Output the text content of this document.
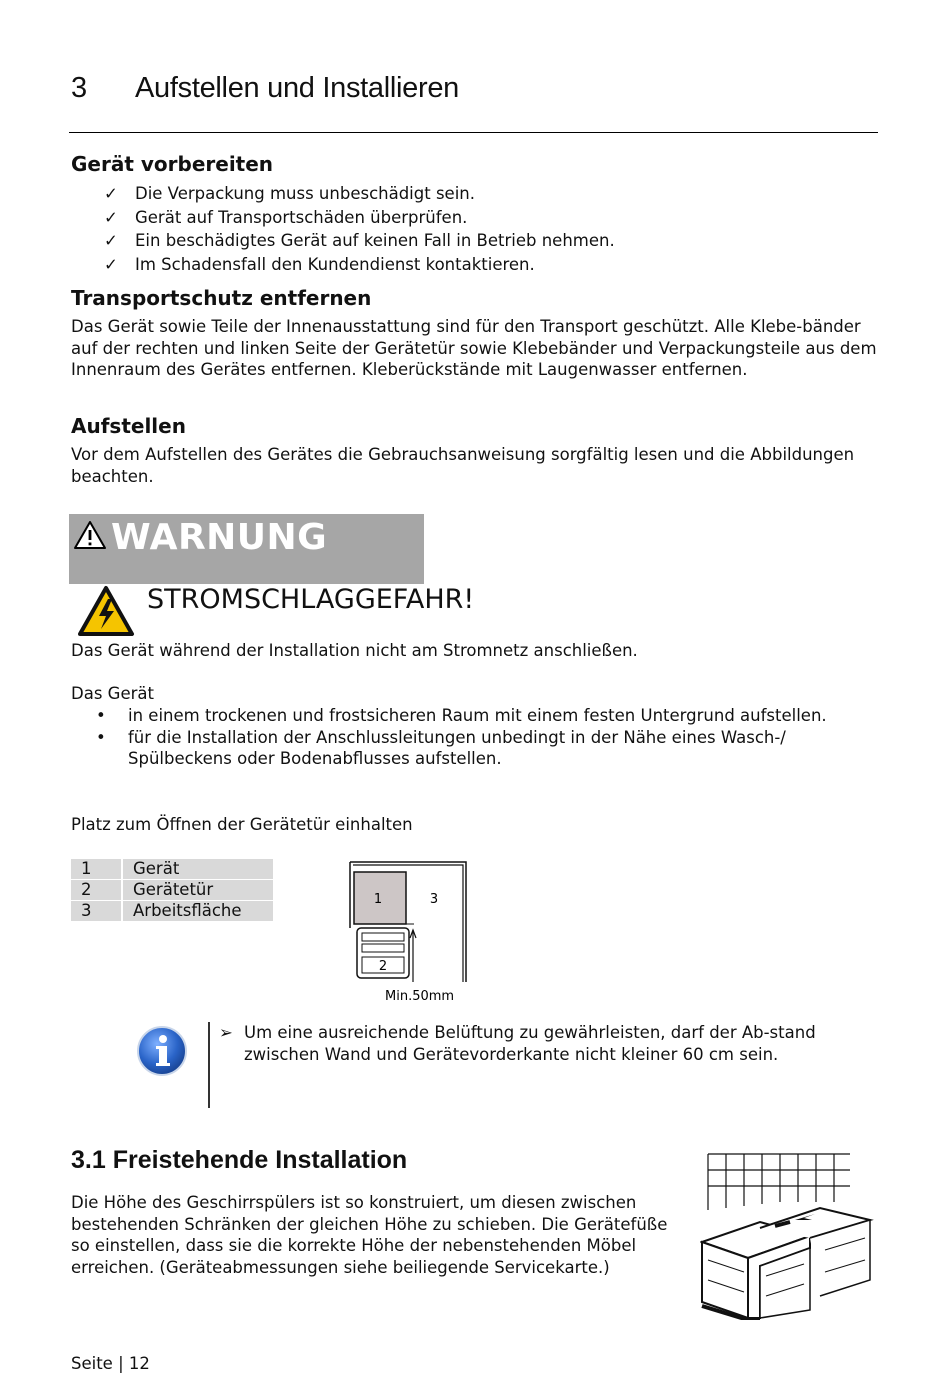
3 Aufstellen und Installieren
Gerät vorbereiten
✓ Die Verpackung muss unbeschädigt sein.
✓ Gerät auf Transportschäden überprüfen.
✓ Ein beschädigtes Gerät auf keinen Fall in Betrieb nehmen.
✓ Im Schadensfall den Kundendienst kontaktieren.
Transportschutz entfernen
Das Gerät sowie Teile der Innenausstattung sind für den Transport geschützt. Alle Klebe-bänder auf der rechten und linken Seite der Gerätetür sowie Klebebänder und Verpackungsteile aus dem Innenraum des Gerätes entfernen. Kleberückstände mit Laugenwasser entfernen.
Aufstellen
Vor dem Aufstellen des Gerätes die Gebrauchsanweisung sorgfältig lesen und die Abbildungen beachten.
WARNUNG
STROMSCHLAGGEFAHR!
Das Gerät während der Installation nicht am Stromnetz anschließen.
Das Gerät
• in einem trockenen und frostsicheren Raum mit einem festen Untergrund aufstellen.
• für die Installation der Anschlussleitungen unbedingt in der Nähe eines Wasch-/ Spülbeckens oder Bodenabflusses aufstellen.
Platz zum Öffnen der Gerätetür einhalten
1	Gerät
2	Gerätetür
3	Arbeitsfläche
1	3
2
Min.50mm
➢ Um eine ausreichende Belüftung zu gewährleisten, darf der Ab-stand zwischen Wand und Gerätevorderkante nicht kleiner 60 cm sein.
3.1 Freistehende Installation
Die Höhe des Geschirrspülers ist so konstruiert, um diesen zwischen bestehenden Schränken der gleichen Höhe zu schieben. Die Gerätefüße so einstellen, dass sie die korrekte Höhe der nebenstehenden Möbel erreichen. (Geräteabmessungen siehe beiliegende Servicekarte.)
Seite | 12
